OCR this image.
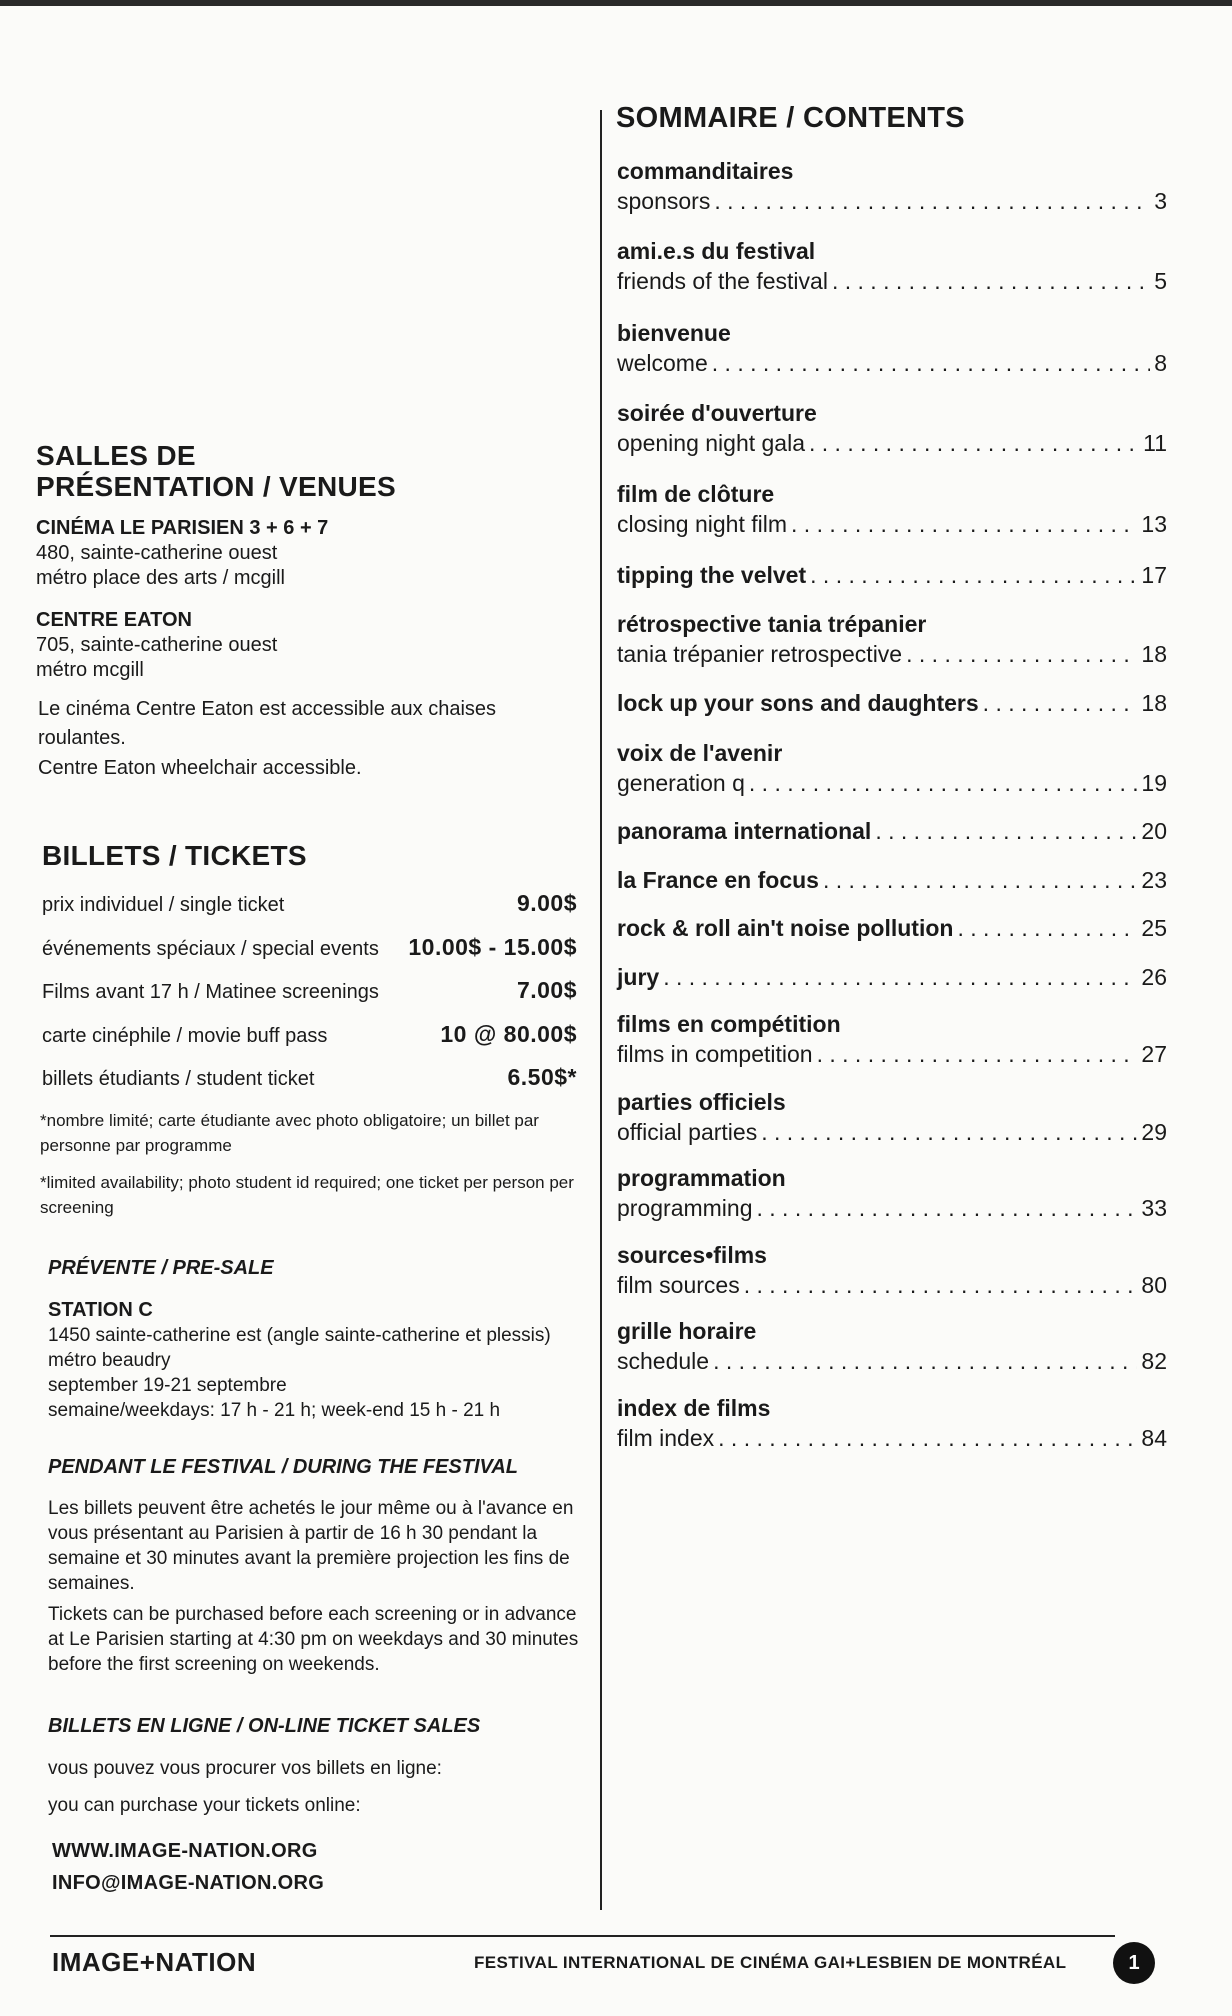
SALLES DE
PRÉSENTATION / VENUES
CINÉMA LE PARISIEN 3 + 6 + 7
480, sainte-catherine ouest
métro place des arts / mcgill
CENTRE EATON
705, sainte-catherine ouest
métro mcgill
Le cinéma Centre Eaton est accessible aux chaises roulantes.
Centre Eaton wheelchair accessible.
BILLETS / TICKETS
prix individuel / single ticket	9.00$
événements spéciaux / special events 10.00$ - 15.00$
Films avant 17 h / Matinee screenings	7.00$
carte cinéphile / movie buff pass	10 @ 80.00$
billets étudiants / student ticket	6.50$*
*nombre limité; carte étudiante avec photo obligatoire; un billet par personne par programme
*limited availability; photo student id required; one ticket per person per screening
PRÉVENTE / PRE-SALE
STATION C
1450 sainte-catherine est (angle sainte-catherine et plessis)
métro beaudry
september 19-21 septembre
semaine/weekdays: 17 h - 21 h; week-end 15 h - 21 h
PENDANT LE FESTIVAL / DURING THE FESTIVAL
Les billets peuvent être achetés le jour même ou à l'avance en vous présentant au Parisien à partir de 16 h 30 pendant la semaine et 30 minutes avant la première projection les fins de semaines.
Tickets can be purchased before each screening or in advance at Le Parisien starting at 4:30 pm on weekdays and 30 minutes before the first screening on weekends.
BILLETS EN LIGNE / ON-LINE TICKET SALES
vous pouvez vous procurer vos billets en ligne:
you can purchase your tickets online:
WWW.IMAGE-NATION.ORG
INFO@IMAGE-NATION.ORG
SOMMAIRE / CONTENTS
commanditaires
sponsors . . .	3
ami.e.s du festival
friends of the festival . . .	5
bienvenue
welcome . . .	8
soirée d'ouverture
opening night gala . . .	11
film de clôture
closing night film . . .	13
tipping the velvet . . .	17
rétrospective tania trépanier
tania trépanier retrospective . . .	18
lock up your sons and daughters . . .	18
voix de l'avenir
generation q . . .	19
panorama international . . .	20
la France en focus . . .	23
rock & roll ain't noise pollution . . .	25
jury . . .	26
films en compétition
films in competition . . .	27
parties officiels
official parties . . .	29
programmation
programming . . .	33
sources•films
film sources . . .	80
grille horaire
schedule . . .	82
index de films
film index . . .	84
IMAGE+NATION	FESTIVAL INTERNATIONAL DE CINÉMA GAI+LESBIEN DE MONTRÉAL	1
